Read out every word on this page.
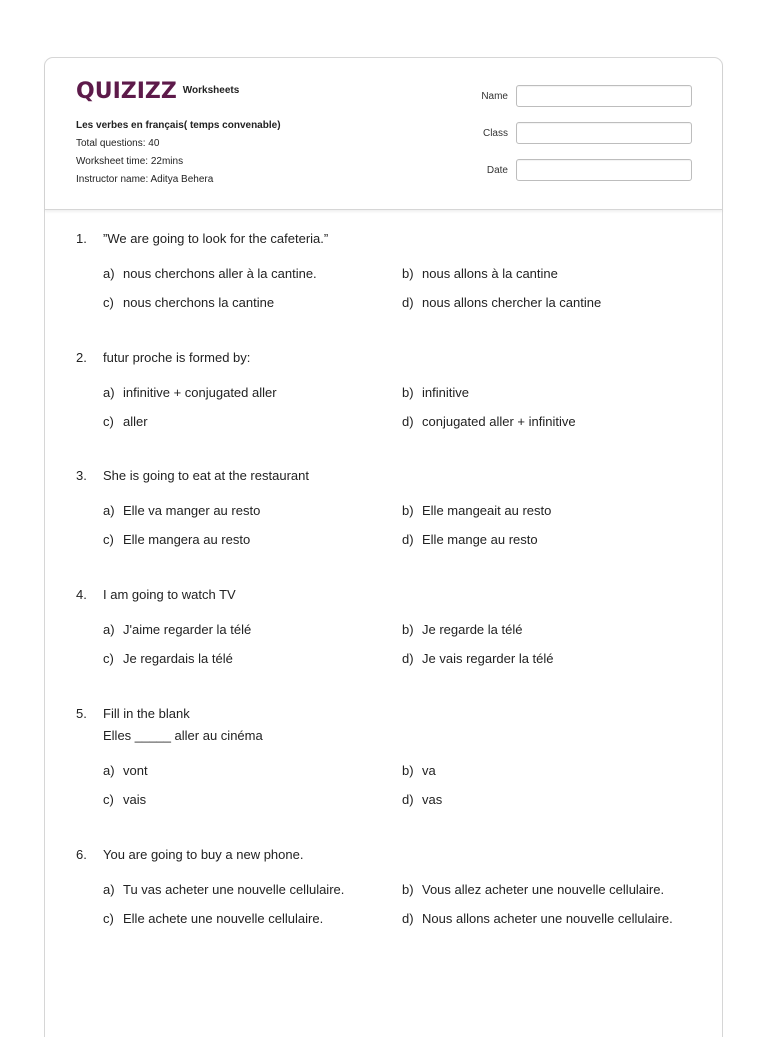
QUIZIZZ Worksheets
Les verbes en français( temps convenable)
Total questions: 40
Worksheet time: 22mins
Instructor name: Aditya Behera
Name
Class
Date
1.	”We are going to look for the cafeteria.”
a) nous cherchons aller à la cantine.	b) nous allons à la cantine
c) nous cherchons la cantine	d) nous allons chercher la cantine
2.	futur proche is formed by:
a) infinitive + conjugated aller	b) infinitive
c) aller	d) conjugated aller + infinitive
3.	She is going to eat at the restaurant
a) Elle va manger au resto	b) Elle mangeait au resto
c) Elle mangera au resto	d) Elle mange au resto
4.	I am going to watch TV
a) J'aime regarder la télé	b) Je regarde la télé
c) Je regardais la télé	d) Je vais regarder la télé
5.	Fill in the blank
Elles _____ aller au cinéma
a) vont	b) va
c) vais	d) vas
6.	You are going to buy a new phone.
a) Tu vas acheter une nouvelle cellulaire.	b) Vous allez acheter une nouvelle cellulaire.
c) Elle achete une nouvelle cellulaire.	d) Nous allons acheter une nouvelle cellulaire.
